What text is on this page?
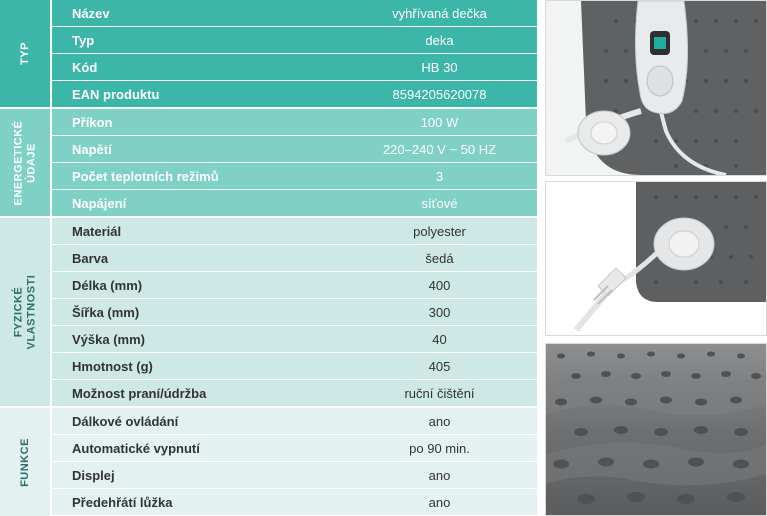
TYP
ENERGETICKÉ ÚDAJE
FYZICKÉ VLASTNOSTI
FUNKCE
Název	vyhřívaná dečka
Typ	deka
Kód	HB 30
EAN produktu	8594205620078
Příkon	100 W
Napětí	220–240 V ~ 50 HZ
Počet teplotních režimů	3
Napájení	síťové
Materiál	polyester
Barva	šedá
Délka (mm)	400
Šířka (mm)	300
Výška (mm)	40
Hmotnost (g)	405
Možnost praní/údržba	ruční čištění
Dálkové ovládání	ano
Automatické vypnutí	po 90 min.
Displej	ano
Předehřátí lůžka	ano
